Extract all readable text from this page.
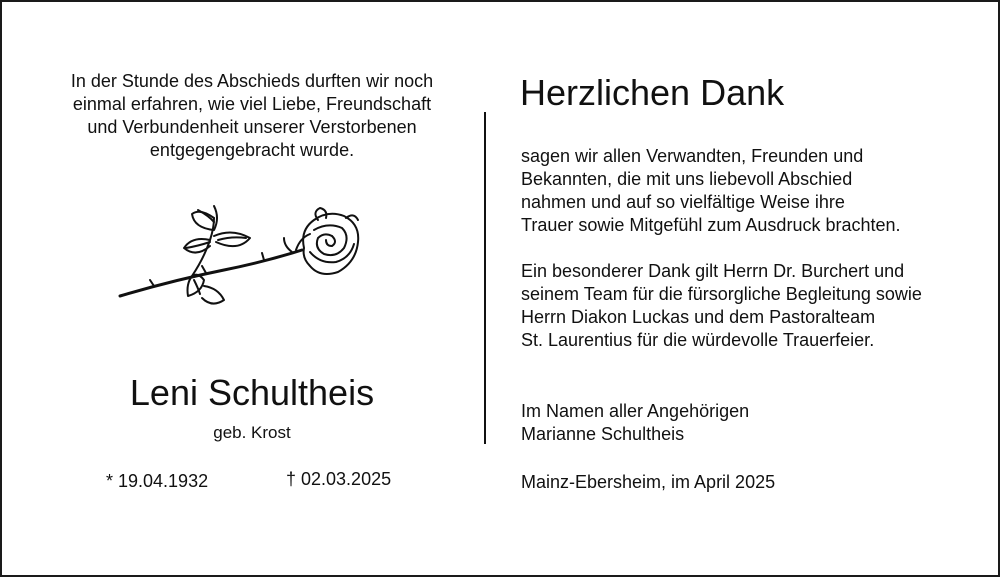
In der Stunde des Abschieds durften wir noch
einmal erfahren, wie viel Liebe, Freundschaft
und Verbundenheit unserer Verstorbenen
entgegengebracht wurde.

Leni Schultheis
geb. Krost
* 19.04.1932	† 02.03.2025
Herzlichen Dank

sagen wir allen Verwandten, Freunden und
Bekannten, die mit uns liebevoll Abschied
nahmen und auf so vielfältige Weise ihre
Trauer sowie Mitgefühl zum Ausdruck brachten.

Ein besonderer Dank gilt Herrn Dr. Burchert und
seinem Team für die fürsorgliche Begleitung sowie
Herrn Diakon Luckas und dem Pastoralteam
St. Laurentius für die würdevolle Trauerfeier.

Im Namen aller Angehörigen
Marianne Schultheis
Mainz-Ebersheim, im April 2025
